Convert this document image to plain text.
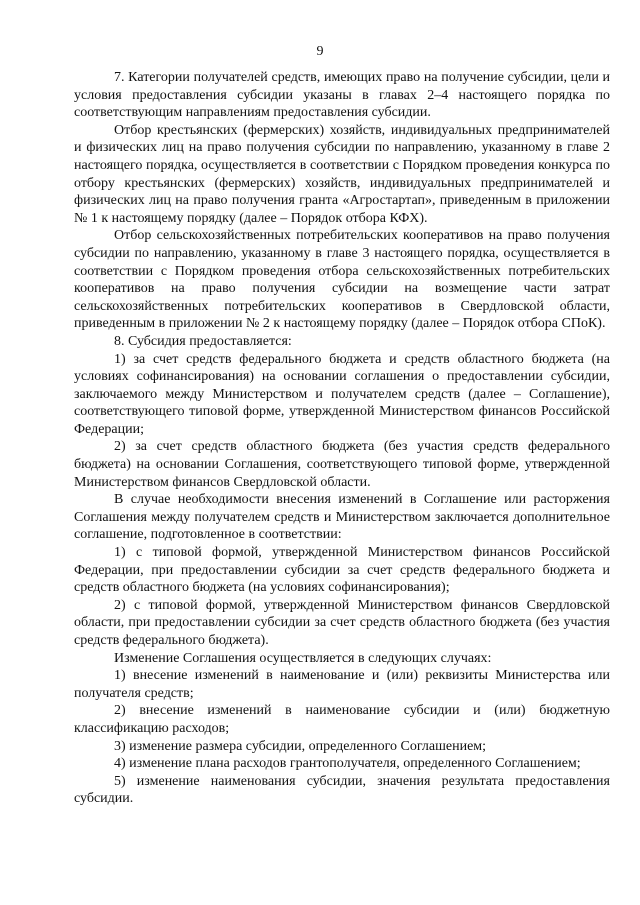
9

7. Категории получателей средств, имеющих право на получение субсидии, цели и условия предоставления субсидии указаны в главах 2–4 настоящего порядка по соответствующим направлениям предоставления субсидии.

Отбор крестьянских (фермерских) хозяйств, индивидуальных предпринимателей и физических лиц на право получения субсидии по направлению, указанному в главе 2 настоящего порядка, осуществляется в соответствии с Порядком проведения конкурса по отбору крестьянских (фермерских) хозяйств, индивидуальных предпринимателей и физических лиц на право получения гранта «Агростартап», приведенным в приложении № 1 к настоящему порядку (далее – Порядок отбора КФХ).

Отбор сельскохозяйственных потребительских кооперативов на право получения субсидии по направлению, указанному в главе 3 настоящего порядка, осуществляется в соответствии с Порядком проведения отбора сельскохозяйственных потребительских кооперативов на право получения субсидии на возмещение части затрат сельскохозяйственных потребительских кооперативов в Свердловской области, приведенным в приложении № 2 к настоящему порядку (далее – Порядок отбора СПоК).

8. Субсидия предоставляется:

1) за счет средств федерального бюджета и средств областного бюджета (на условиях софинансирования) на основании соглашения о предоставлении субсидии, заключаемого между Министерством и получателем средств (далее – Соглашение), соответствующего типовой форме, утвержденной Министерством финансов Российской Федерации;

2) за счет средств областного бюджета (без участия средств федерального бюджета) на основании Соглашения, соответствующего типовой форме, утвержденной Министерством финансов Свердловской области.

В случае необходимости внесения изменений в Соглашение или расторжения Соглашения между получателем средств и Министерством заключается дополнительное соглашение, подготовленное в соответствии:

1) с типовой формой, утвержденной Министерством финансов Российской Федерации, при предоставлении субсидии за счет средств федерального бюджета и средств областного бюджета (на условиях софинансирования);

2) с типовой формой, утвержденной Министерством финансов Свердловской области, при предоставлении субсидии за счет средств областного бюджета (без участия средств федерального бюджета).

Изменение Соглашения осуществляется в следующих случаях:

1) внесение изменений в наименование и (или) реквизиты Министерства или получателя средств;

2) внесение изменений в наименование субсидии и (или) бюджетную классификацию расходов;

3) изменение размера субсидии, определенного Соглашением;

4) изменение плана расходов грантополучателя, определенного Соглашением;

5) изменение наименования субсидии, значения результата предоставления субсидии.
